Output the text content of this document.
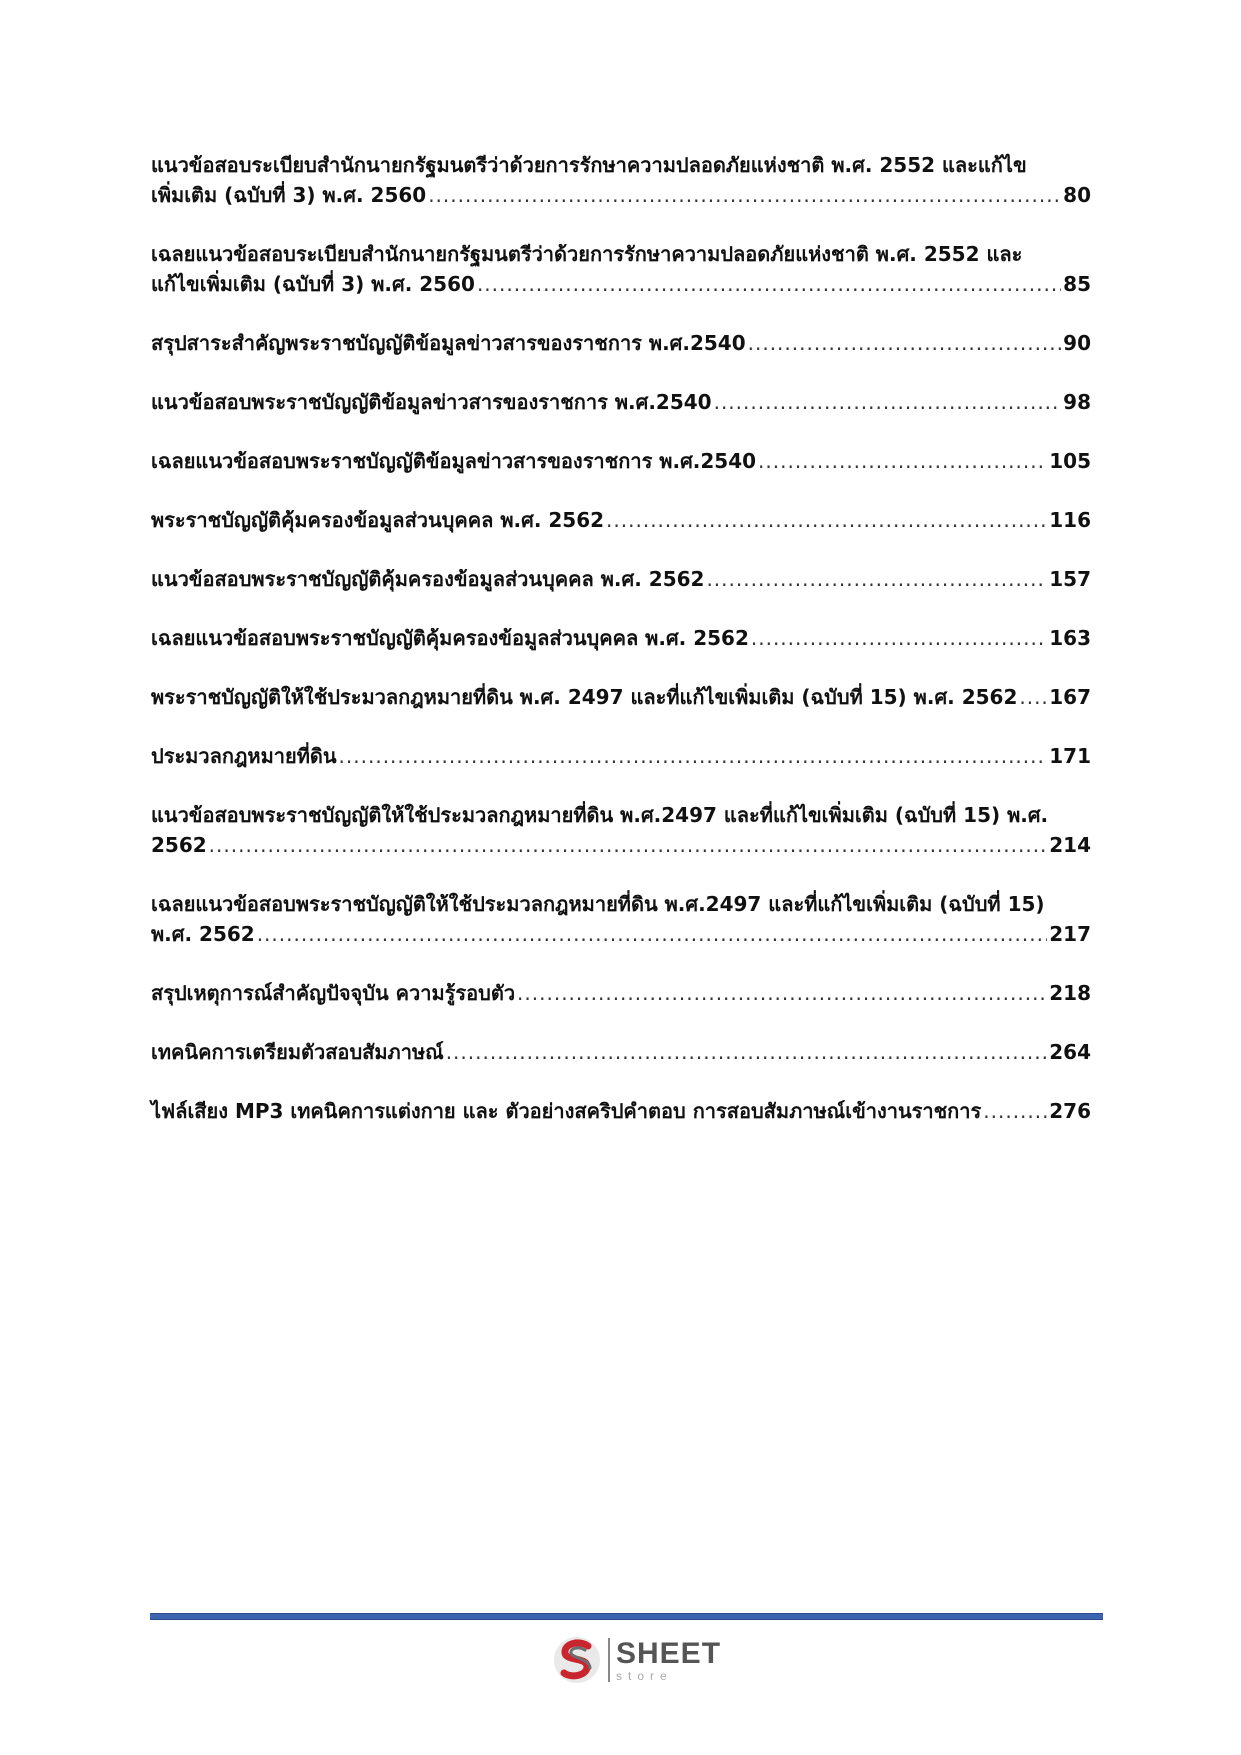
แนวข้อสอบระเบียบสำนักนายกรัฐมนตรีว่าด้วยการรักษาความปลอดภัยแห่งชาติ พ.ศ. 2552 และแก้ไข
เพิ่มเติม (ฉบับที่ 3) พ.ศ. 2560 .....	80
เฉลยแนวข้อสอบระเบียบสำนักนายกรัฐมนตรีว่าด้วยการรักษาความปลอดภัยแห่งชาติ พ.ศ. 2552 และ
แก้ไขเพิ่มเติม (ฉบับที่ 3) พ.ศ. 2560 .....	85
สรุปสาระสำคัญพระราชบัญญัติข้อมูลข่าวสารของราชการ พ.ศ.2540 .....	90
แนวข้อสอบพระราชบัญญัติข้อมูลข่าวสารของราชการ พ.ศ.2540 .....	98
เฉลยแนวข้อสอบพระราชบัญญัติข้อมูลข่าวสารของราชการ พ.ศ.2540 .....	105
พระราชบัญญัติคุ้มครองข้อมูลส่วนบุคคล พ.ศ. 2562 .....	116
แนวข้อสอบพระราชบัญญัติคุ้มครองข้อมูลส่วนบุคคล พ.ศ. 2562 .....	157
เฉลยแนวข้อสอบพระราชบัญญัติคุ้มครองข้อมูลส่วนบุคคล พ.ศ. 2562 .....	163
พระราชบัญญัติให้ใช้ประมวลกฎหมายที่ดิน พ.ศ. 2497 และที่แก้ไขเพิ่มเติม (ฉบับที่ 15) พ.ศ. 2562 ..... 167
ประมวลกฎหมายที่ดิน .....	171
แนวข้อสอบพระราชบัญญัติให้ใช้ประมวลกฎหมายที่ดิน พ.ศ.2497 และที่แก้ไขเพิ่มเติม (ฉบับที่ 15) พ.ศ.
2562 .....	214
เฉลยแนวข้อสอบพระราชบัญญัติให้ใช้ประมวลกฎหมายที่ดิน พ.ศ.2497 และที่แก้ไขเพิ่มเติม (ฉบับที่ 15)
พ.ศ. 2562 .....	217
สรุปเหตุการณ์สำคัญปัจจุบัน ความรู้รอบตัว .....	218
เทคนิคการเตรียมตัวสอบสัมภาษณ์ .....	264
ไฟล์เสียง MP3 เทคนิคการแต่งกาย และ ตัวอย่างสคริปคำตอบ การสอบสัมภาษณ์เข้างานราชการ .....	276
SHEET
store
